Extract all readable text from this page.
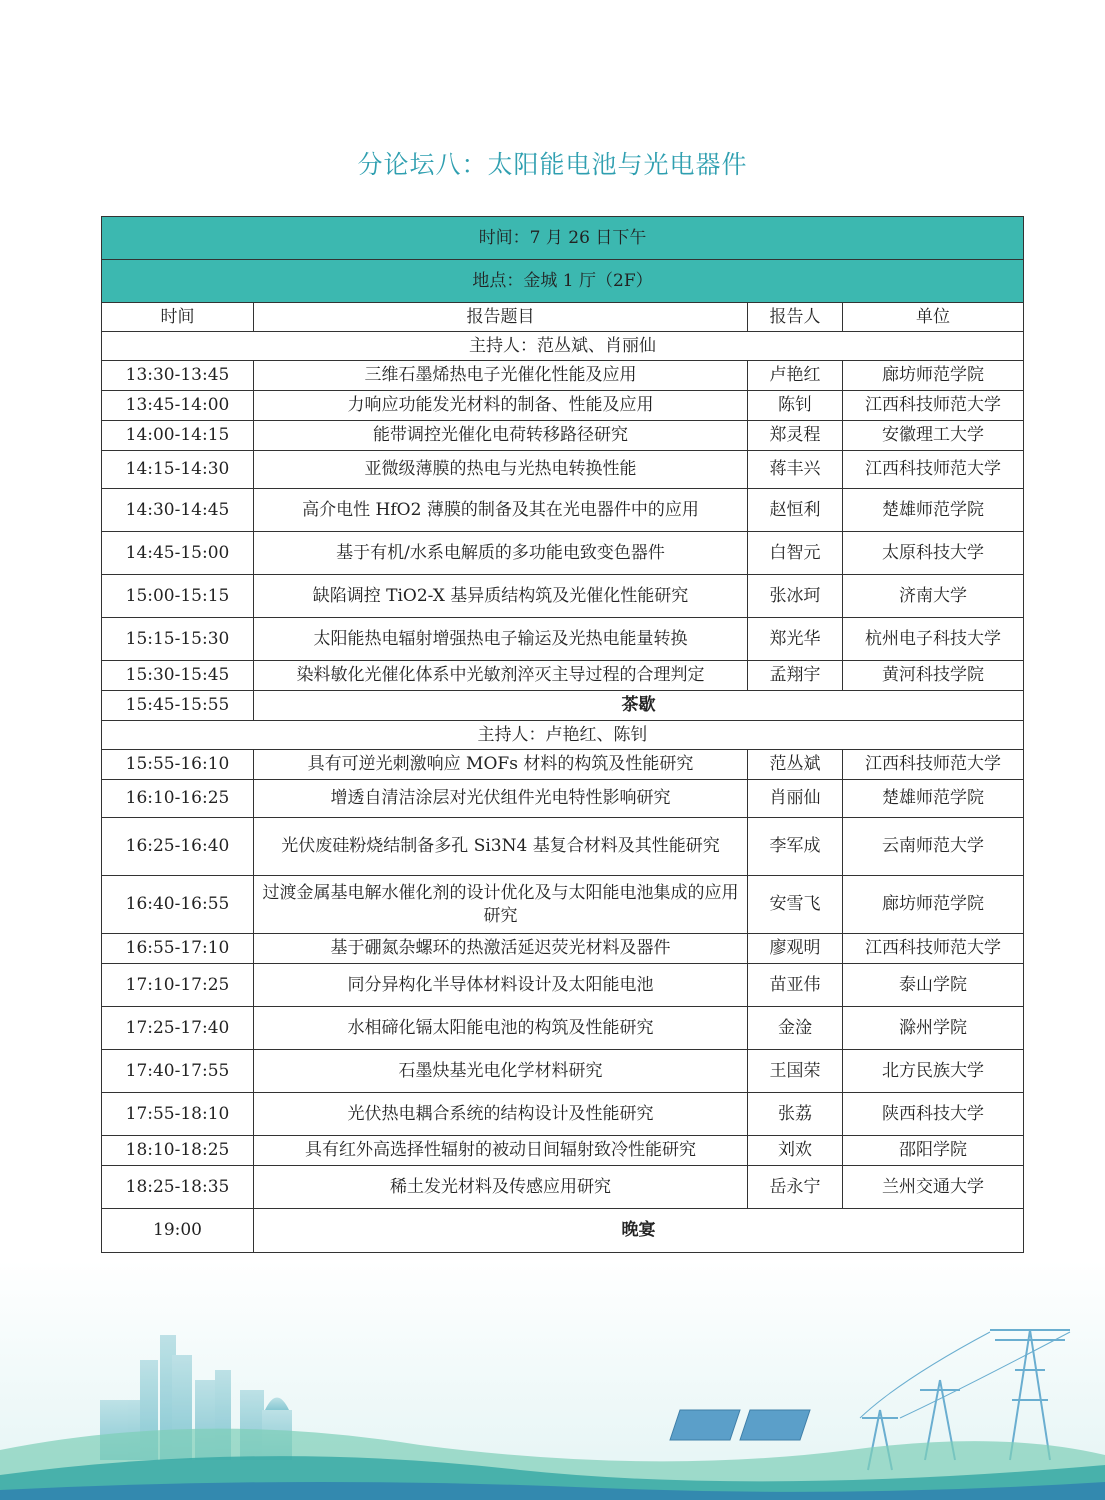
分论坛八：太阳能电池与光电器件
时间：7 月 26 日下午			
地点：金城 1 厅（2F）			
时间	报告题目	报告人	单位
主持人：范丛斌、肖丽仙			
13:30-13:45	三维石墨烯热电子光催化性能及应用	卢艳红	廊坊师范学院
13:45-14:00	力响应功能发光材料的制备、性能及应用	陈钊	江西科技师范大学
14:00-14:15	能带调控光催化电荷转移路径研究	郑灵程	安徽理工大学
14:15-14:30	亚微级薄膜的热电与光热电转换性能	蒋丰兴	江西科技师范大学
14:30-14:45	高介电性 HfO2 薄膜的制备及其在光电器件中的应用	赵恒利	楚雄师范学院
14:45-15:00	基于有机/水系电解质的多功能电致变色器件	白智元	太原科技大学
15:00-15:15	缺陷调控 TiO2-X 基异质结构筑及光催化性能研究	张冰珂	济南大学
15:15-15:30	太阳能热电辐射增强热电子输运及光热电能量转换	郑光华	杭州电子科技大学
15:30-15:45	染料敏化光催化体系中光敏剂淬灭主导过程的合理判定	孟翔宇	黄河科技学院
15:45-15:55	茶歇		
主持人：卢艳红、陈钊			
15:55-16:10	具有可逆光刺激响应 MOFs 材料的构筑及性能研究	范丛斌	江西科技师范大学
16:10-16:25	增透自清洁涂层对光伏组件光电特性影响研究	肖丽仙	楚雄师范学院
16:25-16:40	光伏废硅粉烧结制备多孔 Si3N4 基复合材料及其性能研究	李军成	云南师范大学
16:40-16:55	过渡金属基电解水催化剂的设计优化及与太阳能电池集成的应用研究	安雪飞	廊坊师范学院
16:55-17:10	基于硼氮杂螺环的热激活延迟荧光材料及器件	廖观明	江西科技师范大学
17:10-17:25	同分异构化半导体材料设计及太阳能电池	苗亚伟	泰山学院
17:25-17:40	水相碲化镉太阳能电池的构筑及性能研究	金淦	滁州学院
17:40-17:55	石墨炔基光电化学材料研究	王国荣	北方民族大学
17:55-18:10	光伏热电耦合系统的结构设计及性能研究	张荔	陕西科技大学
18:10-18:25	具有红外高选择性辐射的被动日间辐射致冷性能研究	刘欢	邵阳学院
18:25-18:35	稀土发光材料及传感应用研究	岳永宁	兰州交通大学
19:00	晚宴		
